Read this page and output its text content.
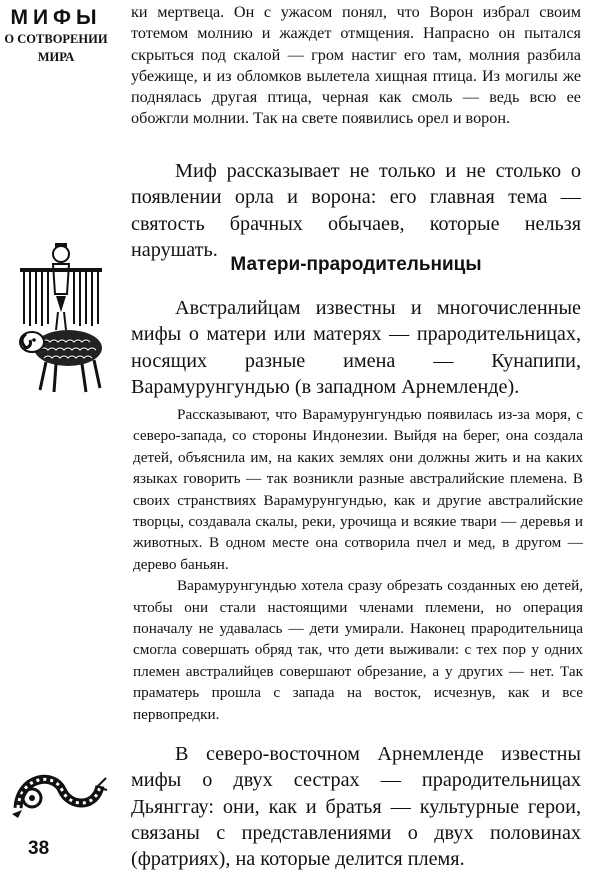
МИФЫ

О СОТВОРЕНИИ

МИРА

ки мертвеца. Он с ужасом понял, что Ворон избрал своим тотемом молнию и жаждет отмщения. Напрасно он пытался скрыться под скалой — гром настиг его там, молния разбила убежище, и из обломков вылетела хищная птица. Из могилы же поднялась другая птица, черная как смоль — ведь всю ее обожгли молнии. Так на свете появились орел и ворон.

Миф рассказывает не только и не столько о появлении орла и ворона: его главная тема — святость брачных обычаев, которые нельзя нарушать.

Матери-прародительницы

Австралийцам известны и многочисленные мифы о матери или матерях — прародительницах, носящих разные имена — Кунапипи, Варамурунгундью (в западном Арнемленде).

Рассказывают, что Варамурунгундью появилась из-за моря, с северо-запада, со стороны Индонезии. Выйдя на берег, она создала детей, объяснила им, на каких землях они должны жить и на каких языках говорить — так возникли разные австралийские племена. В своих странствиях Варамурунгундью, как и другие австралийские творцы, создавала скалы, реки, урочища и всякие твари — деревья и животных. В одном месте она сотворила пчел и мед, в другом — дерево баньян.

Варамурунгундью хотела сразу обрезать созданных ею детей, чтобы они стали настоящими членами племени, но операция поначалу не удавалась — дети умирали. Наконец прародительница смогла совершать обряд так, что дети выживали: с тех пор у одних племен австралийцев совершают обрезание, а у других — нет. Так праматерь прошла с запада на восток, исчезнув, как и все первопредки.

В северо-восточном Арнемленде известны мифы о двух сестрах — прародительницах Дьянггау: они, как и братья — культурные герои, связаны с представлениями о двух половинах (фратриях), на которые делится племя.

38
